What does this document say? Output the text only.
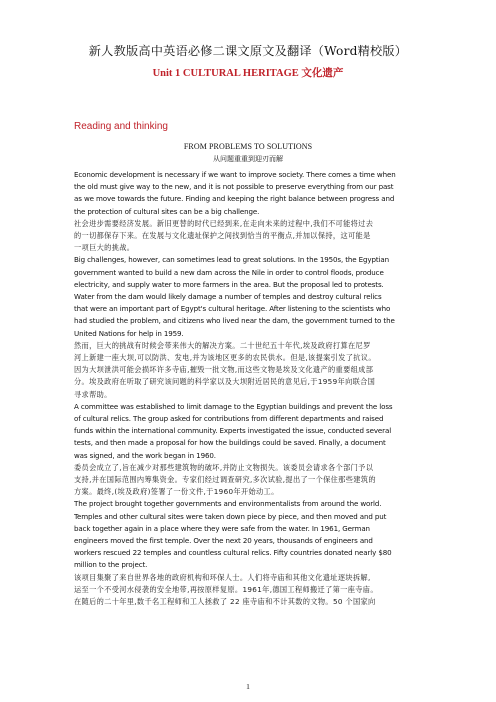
新人教版高中英语必修二课文原文及翻译（Word精校版）
Unit 1 CULTURAL HERITAGE 文化遗产
Reading and thinking
FROM PROBLEMS TO SOLUTIONS
从问题重重到迎刃而解
Economic development is necessary if we want to improve society. There comes a time when
the old must give way to the new, and it is not possible to preserve everything from our past
as we move towards the future. Finding and keeping the right balance between progress and
the protection of cultural sites can be a big challenge.
社会进步需要经济发展。新旧更替的时代已经到来,在走向未来的过程中,我们不可能将过去
的一切都保存下来。在发展与文化遗址保护之间找到恰当的平衡点,并加以保持，这可能是
一项巨大的挑战。
Big challenges, however, can sometimes lead to great solutions. In the 1950s, the Egyptian
government wanted to build a new dam across the Nile in order to control floods, produce
electricity, and supply water to more farmers in the area. But the proposal led to protests.
Water from the dam would likely damage a number of temples and destroy cultural relics
that were an important part of Egypt's cultural heritage. After listening to the scientists who
had studied the problem, and citizens who lived near the dam, the government turned to the
United Nations for help in 1959.
然而，巨大的挑战有时候会带来伟大的解决方案。二十世纪五十年代,埃及政府打算在尼罗
河上新建一座大坝,可以防洪、发电,并为该地区更多的农民供水。但是,该提案引发了抗议。
因为大坝泄洪可能会损坏许多寺庙,摧毁一批文物,而这些文物是埃及文化遗产的重要组成部
分。埃及政府在听取了研究该问题的科学家以及大坝附近居民的意见后,于1959年向联合国
寻求帮助。
A committee was established to limit damage to the Egyptian buildings and prevent the loss
of cultural relics. The group asked for contributions from different departments and raised
funds within the international community. Experts investigated the issue, conducted several
tests, and then made a proposal for how the buildings could be saved. Finally, a document
was signed, and the work began in 1960.
委员会成立了,旨在减少对那些建筑物的破坏,并防止文物损失。该委员会请求各个部门予以
支持,并在国际范围内筹集资金。专家们经过调查研究,多次试验,提出了一个保住那些建筑的
方案。最终,(埃及政府)签署了一份文件,于1960年开始动工。
The project brought together governments and environmentalists from around the world.
Temples and other cultural sites were taken down piece by piece, and then moved and put
back together again in a place where they were safe from the water. In 1961, German
engineers moved the first temple. Over the next 20 years, thousands of engineers and
workers rescued 22 temples and countless cultural relics. Fifty countries donated nearly $80
million to the project.
该项目集聚了来自世界各地的政府机构和环保人士。人们将寺庙和其他文化遗址逐块拆解,
运至一个不受河水侵袭的安全地带,再按原样复原。1961年,德国工程师搬迁了第一座寺庙。
在随后的二十年里,数千名工程师和工人拯救了 22 座寺庙和不计其数的文物。50 个国家向
1
